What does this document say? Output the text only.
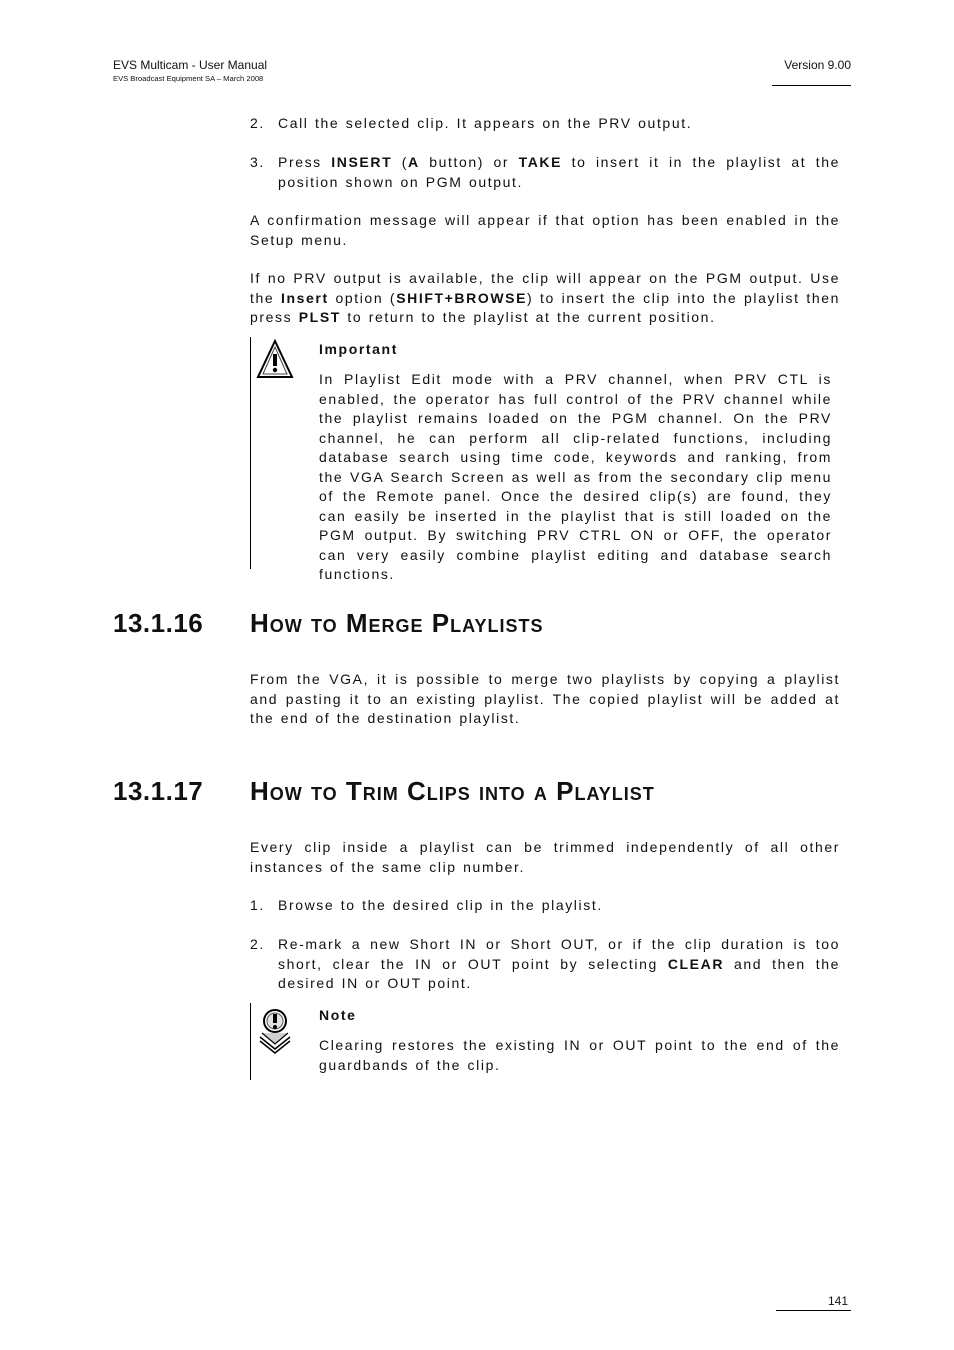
EVS Multicam - User Manual
EVS Broadcast Equipment SA – March 2008
Version 9.00
2. Call the selected clip. It appears on the PRV output.
3. Press INSERT (A button) or TAKE to insert it in the playlist at the position shown on PGM output.
A confirmation message will appear if that option has been enabled in the Setup menu.
If no PRV output is available, the clip will appear on the PGM output. Use the Insert option (SHIFT+BROWSE) to insert the clip into the playlist then press PLST to return to the playlist at the current position.
Important
In Playlist Edit mode with a PRV channel, when PRV CTL is enabled, the operator has full control of the PRV channel while the playlist remains loaded on the PGM channel. On the PRV channel, he can perform all clip-related functions, including database search using time code, keywords and ranking, from the VGA Search Screen as well as from the secondary clip menu of the Remote panel. Once the desired clip(s) are found, they can easily be inserted in the playlist that is still loaded on the PGM output. By switching PRV CTRL ON or OFF, the operator can very easily combine playlist editing and database search functions.
13.1.16 How to Merge Playlists
From the VGA, it is possible to merge two playlists by copying a playlist and pasting it to an existing playlist. The copied playlist will be added at the end of the destination playlist.
13.1.17 How to Trim Clips into a Playlist
Every clip inside a playlist can be trimmed independently of all other instances of the same clip number.
1. Browse to the desired clip in the playlist.
2. Re-mark a new Short IN or Short OUT, or if the clip duration is too short, clear the IN or OUT point by selecting CLEAR and then the desired IN or OUT point.
Note
Clearing restores the existing IN or OUT point to the end of the guardbands of the clip.
141
